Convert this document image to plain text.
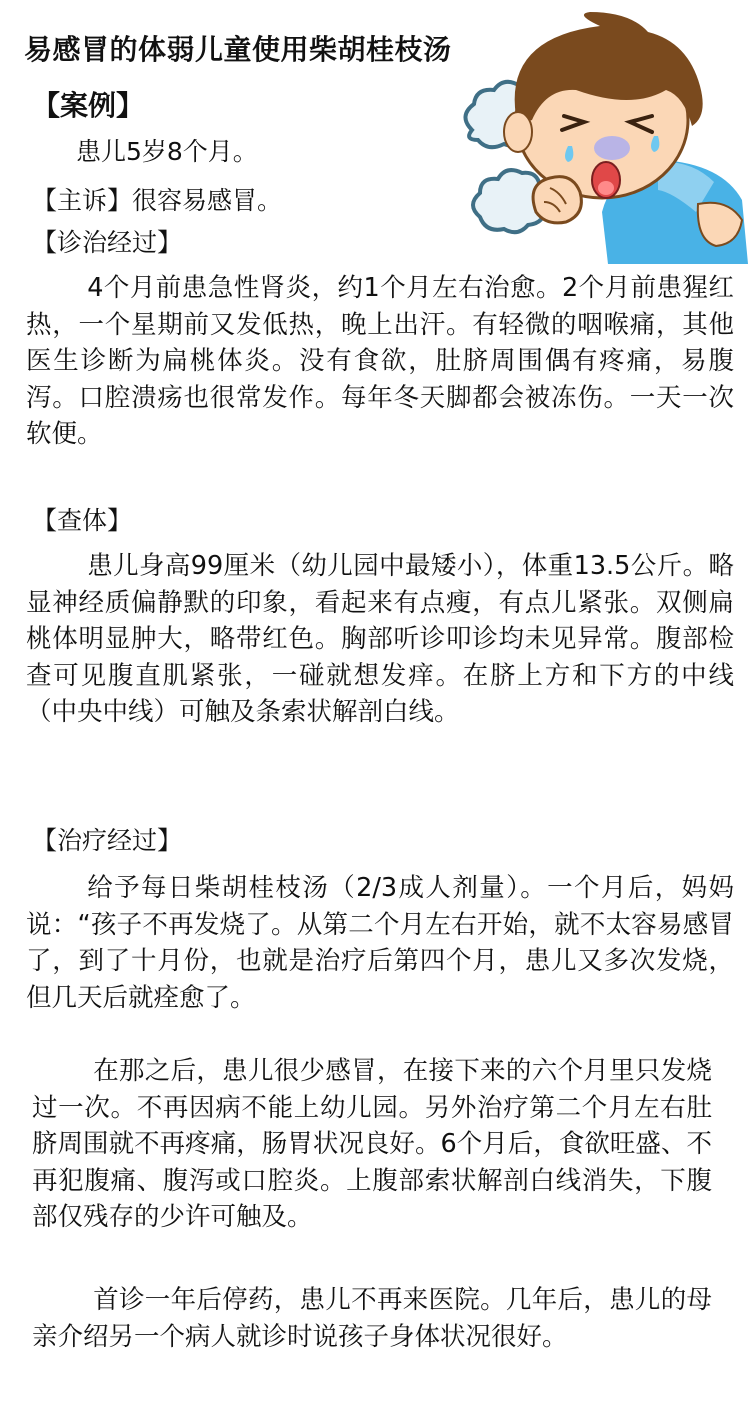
易感冒的体弱儿童使用柴胡桂枝汤
【案例】
患儿5岁8个月。
【主诉】很容易感冒。
【诊治经过】

4个月前患急性肾炎，约1个月左右治愈。2个月前患猩红热，一个星期前又发低热，晚上出汗。有轻微的咽喉痛，其他医生诊断为扁桃体炎。没有食欲，肚脐周围偶有疼痛，易腹泻。口腔溃疡也很常发作。每年冬天脚都会被冻伤。一天一次软便。

【查体】

患儿身高99厘米（幼儿园中最矮小），体重13.5公斤。略显神经质偏静默的印象，看起来有点瘦，有点儿紧张。双侧扁桃体明显肿大，略带红色。胸部听诊叩诊均未见异常。腹部检查可见腹直肌紧张，一碰就想发痒。在脐上方和下方的中线（中央中线）可触及条索状解剖白线。

【治疗经过】

给予每日柴胡桂枝汤（2/3成人剂量）。一个月后，妈妈说：“孩子不再发烧了。从第二个月左右开始，就不太容易感冒了，到了十月份，也就是治疗后第四个月，患儿又多次发烧，但几天后就痊愈了。

在那之后，患儿很少感冒，在接下来的六个月里只发烧过一次。不再因病不能上幼儿园。另外治疗第二个月左右肚脐周围就不再疼痛，肠胃状况良好。6个月后，食欲旺盛、不再犯腹痛、腹泻或口腔炎。上腹部索状解剖白线消失，下腹部仅残存的少许可触及。

首诊一年后停药，患儿不再来医院。几年后，患儿的母亲介绍另一个病人就诊时说孩子身体状况很好。
